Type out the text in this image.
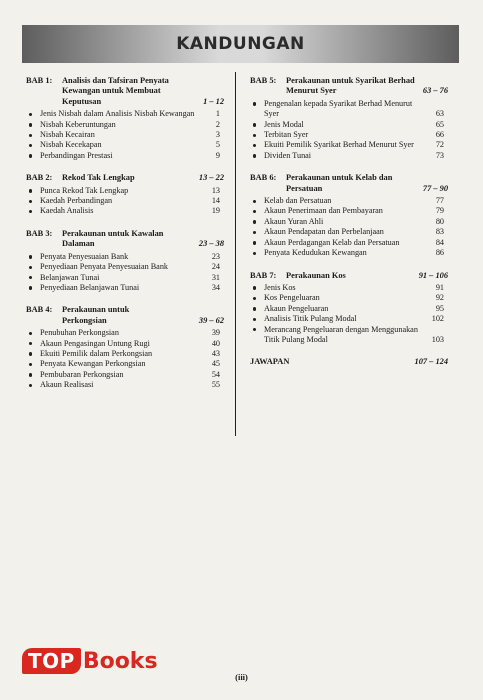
KANDUNGAN
BAB 1:	Analisis dan Tafsiran Penyata
Kewangan untuk Membuat
Keputusan	1 – 12
Jenis Nisbah dalam Analisis Nisbah Kewangan	1
Nisbah Keberuntungan	2
Nisbah Kecairan	3
Nisbah Kecekapan	5
Perbandingan Prestasi	9
BAB 2:	Rekod Tak Lengkap	13 – 22
Punca Rekod Tak Lengkap	13
Kaedah Perbandingan	14
Kaedah Analisis	19
BAB 3:	Perakaunan untuk Kawalan
Dalaman	23 – 38
Penyata Penyesuaian Bank	23
Penyediaan Penyata Penyesuaian Bank	24
Belanjawan Tunai	31
Penyediaan Belanjawan Tunai	34
BAB 4:	Perakaunan untuk
Perkongsian	39 – 62
Penubuhan Perkongsian	39
Akaun Pengasingan Untung Rugi	40
Ekuiti Pemilik dalam Perkongsian	43
Penyata Kewangan Perkongsian	45
Pembubaran Perkongsian	54
Akaun Realisasi	55
BAB 5:	Perakaunan untuk Syarikat Berhad
Menurut Syer	63 – 76
Pengenalan kepada Syarikat Berhad Menurut Syer	63
Jenis Modal	65
Terbitan Syer	66
Ekuiti Pemilik Syarikat Berhad Menurut Syer	72
Dividen Tunai	73
BAB 6:	Perakaunan untuk Kelab dan
Persatuan	77 – 90
Kelab dan Persatuan	77
Akaun Penerimaan dan Pembayaran	79
Akaun Yuran Ahli	80
Akaun Pendapatan dan Perbelanjaan	83
Akaun Perdagangan Kelab dan Persatuan	84
Penyata Kedudukan Kewangan	86
BAB 7:	Perakaunan Kos	91 – 106
Jenis Kos	91
Kos Pengeluaran	92
Akaun Pengeluaran	95
Analisis Titik Pulang Modal	102
Merancang Pengeluaran dengan Menggunakan Titik Pulang Modal	103
JAWAPAN	107 – 124
TOP Books
(iii)
